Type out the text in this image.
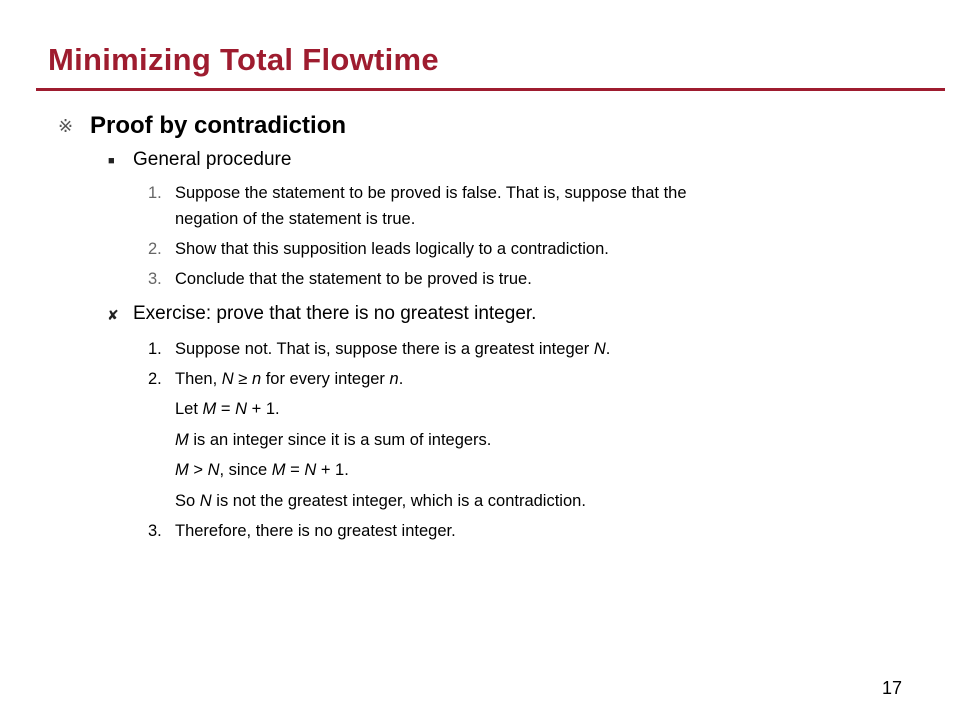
Minimizing Total Flowtime
※ Proof by contradiction
■ General procedure
1. Suppose the statement to be proved is false. That is, suppose that the
negation of the statement is true.
2. Show that this supposition leads logically to a contradiction.
3. Conclude that the statement to be proved is true.
✘ Exercise: prove that there is no greatest integer.
1. Suppose not. That is, suppose there is a greatest integer N.
2. Then, N ≥ n for every integer n.
Let M = N + 1.
M is an integer since it is a sum of integers.
M > N, since M = N + 1.
So N is not the greatest integer, which is a contradiction.
3. Therefore, there is no greatest integer.
17
